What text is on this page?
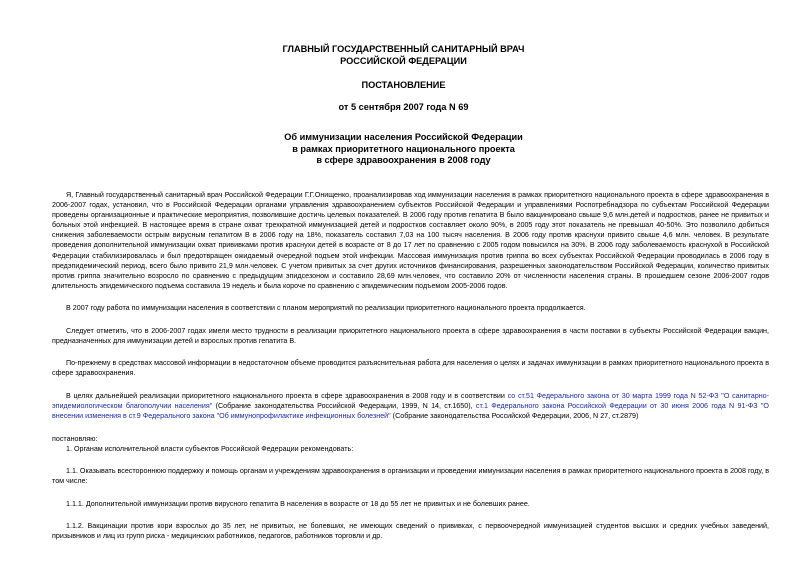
ГЛАВНЫЙ ГОСУДАРСТВЕННЫЙ САНИТАРНЫЙ ВРАЧ
РОССИЙСКОЙ ФЕДЕРАЦИИ
ПОСТАНОВЛЕНИЕ
от 5 сентября 2007 года N 69
Об иммунизации населения Российской Федерации
в рамках приоритетного национального проекта
в сфере здравоохранения в 2008 году

Я, Главный государственный санитарный врач Российской Федерации Г.Г.Онищенко, проанализировав ход иммунизации населения в рамках приоритетного национального проекта в сфере здравоохранения в 2006-2007 годах, установил, что в Российской Федерации органами управления здравоохранением субъектов Российской Федерации и управлениями Роспотребнадзора по субъектам Российской Федерации проведены организационные и практические мероприятия, позволившие достичь целевых показателей. В 2006 году против гепатита В было вакцинировано свыше 9,6 млн.детей и подростков, ранее не привитых и больных этой инфекцией. В настоящее время в стране охват трехкратной иммунизацией детей и подростков составляет около 90%, в 2005 году этот показатель не превышал 40-50%. Это позволило добиться снижения заболеваемости острым вирусным гепатитом В в 2006 году на 18%, показатель составил 7,03 на 100 тысяч населения. В 2006 году против краснухи привито свыше 4,6 млн. человек. В результате проведения дополнительной иммунизации охват прививками против краснухи детей в возрасте от 8 до 17 лет по сравнению с 2005 годом повысился на 30%. В 2006 году заболеваемость краснухой в Российской Федерации стабилизировалась и был предотвращен ожидаемый очередной подъем этой инфекции. Массовая иммунизация против гриппа во всех субъектах Российской Федерации проводилась в 2006 году в предэпидемический период, всего было привито 21,9 млн.человек. С учетом привитых за счет других источников финансирования, разрешенных законодательством Российской Федерации, количество привитых против гриппа значительно возросло по сравнению с предыдущим эпидсезоном и составило 28,69 млн.человек, что составило 20% от численности населения страны. В прошедшем сезоне 2006-2007 годов длительность эпидемического подъема составила 19 недель и была короче по сравнению с эпидемическим подъемом 2005-2006 годов.

В 2007 году работа по иммунизации населения в соответствии с планом мероприятий по реализации приоритетного национального проекта продолжается.

Следует отметить, что в 2006-2007 годах имели место трудности в реализации приоритетного национального проекта в сфере здравоохранения в части поставки в субъекты Российской Федерации вакцин, предназначенных для иммунизации детей и взрослых против гепатита В.

По-прежнему в средствах массовой информации в недостаточном объеме проводится разъяснительная работа для населения о целях и задачах иммунизации в рамках приоритетного национального проекта в сфере здравоохранения.

В целях дальнейшей реализации приоритетного национального проекта в сфере здравоохранения в 2008 году и в соответствии со ст.51 Федерального закона от 30 марта 1999 года N 52-ФЗ "О санитарно-эпидемиологическом благополучии населения" (Собрание законодательства Российской Федерации, 1999, N 14, ст.1650), ст.1 Федерального закона Российской Федерации от 30 июня 2006 года N 91-ФЗ "О внесении изменения в ст.9 Федерального закона "Об иммунопрофилактике инфекционных болезней" (Собрание законодательства Российской Федерации, 2006, N 27, ст.2879)

постановляю:

1. Органам исполнительной власти субъектов Российской Федерации рекомендовать:

1.1. Оказывать всестороннюю поддержку и помощь органам и учреждениям здравоохранения в организации и проведении иммунизации населения в рамках приоритетного национального проекта в 2008 году, в том числе:

1.1.1. Дополнительной иммунизации против вирусного гепатита В населения в возрасте от 18 до 55 лет не привитых и не болевших ранее.

1.1.2. Вакцинации против кори взрослых до 35 лет, не привитых, не болевших, не имеющих сведений о прививках, с первоочередной иммунизацией студентов высших и средних учебных заведений, призывников и лиц из групп риска - медицинских работников, педагогов, работников торговли и др.
